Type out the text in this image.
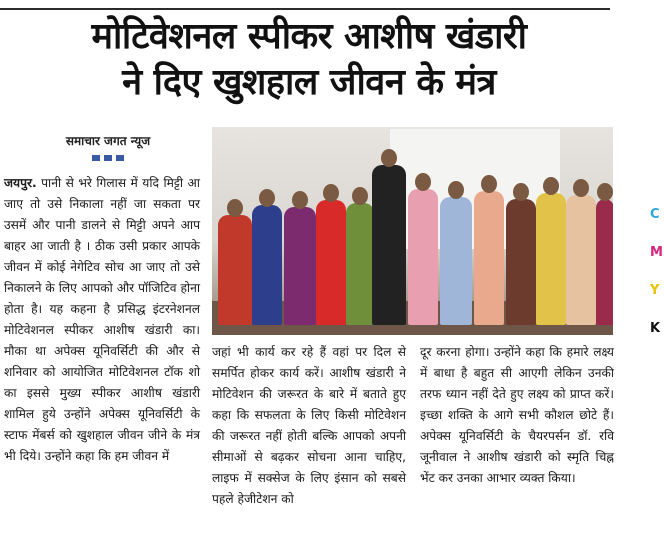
मोटिवेशनल स्पीकर आशीष खंडारी
ने दिए खुशहाल जीवन के मंत्र
समाचार जगत न्यूज
जयपुर. पानी से भरे गिलास में यदि मिट्टी आ जाए तो उसे निकाला नहीं जा सकता पर उसमें और पानी डालने से मिट्टी अपने आप बाहर आ जाती है । ठीक उसी प्रकार आपके जीवन में कोई नेगेटिव सोच आ जाए तो उसे निकालने के लिए आपको और पॉजिटिव होना होता है। यह कहना है प्रसिद्ध इंटरनेशनल मोटिवेशनल स्पीकर आशीष खंडारी का। मौका था अपेक्स यूनिवर्सिटी की और से शनिवार को आयोजित मोटिवेशनल टॉक शो का इससे मुख्य स्पीकर आशीष खंडारी शामिल हुये उन्होंने अपेक्स यूनिवर्सिटी के स्टाफ मेंबर्स को खुशहाल जीवन जीने के मंत्र भी दिये। उन्होंने कहा कि हम जीवन में
जहां भी कार्य कर रहे हैं वहां पर दिल से समर्पित होकर कार्य करें। आशीष खंडारी ने मोटिवेशन की जरूरत के बारे में बताते हुए कहा कि सफलता के लिए किसी मोटिवेशन की जरूरत नहीं होती बल्कि आपको अपनी सीमाओं से बढ़कर सोचना आना चाहिए, लाइफ में सक्सेज के लिए इंसान को सबसे पहले हेजीटेशन को
दूर करना होगा। उन्होंने कहा कि हमारे लक्ष्य में बाधा है बहुत सी आएगी लेकिन उनकी तरफ ध्यान नहीं देते हुए लक्ष्य को प्राप्त करें। इच्छा शक्ति के आगे सभी कौशल छोटे हैं। अपेक्स यूनिवर्सिटी के चैयरपर्सन डॉ. रवि जूनीवाल ने आशीष खंडारी को स्मृति चिह्न भेंट कर उनका आभार व्यक्त किया।

C

M

Y

K
